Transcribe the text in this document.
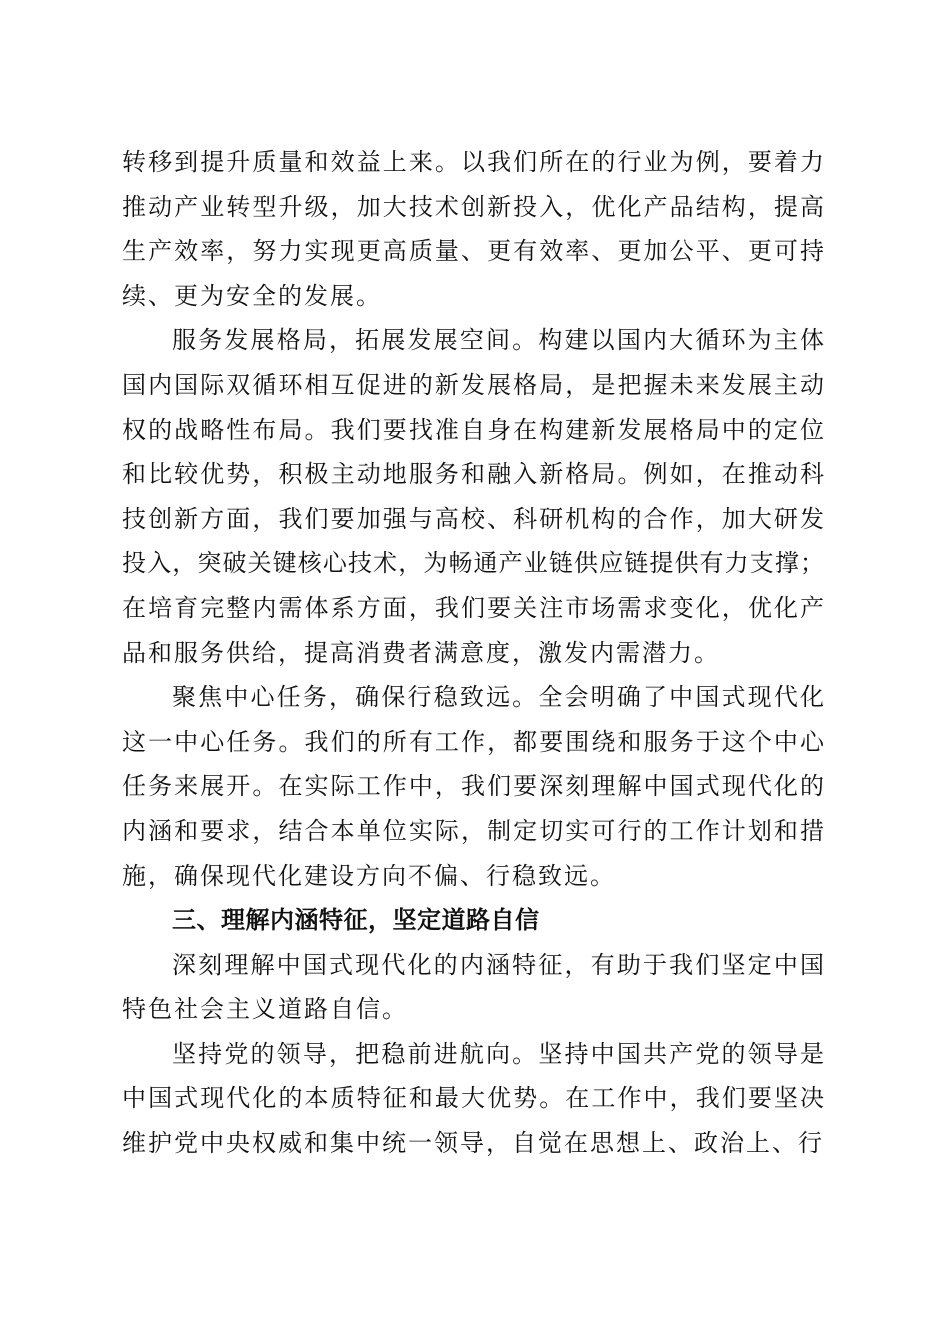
转移到提升质量和效益上来。以我们所在的行业为例，要着力
推动产业转型升级，加大技术创新投入，优化产品结构，提高
生产效率，努力实现更高质量、更有效率、更加公平、更可持
续、更为安全的发展。
服务发展格局，拓展发展空间。构建以国内大循环为主体
国内国际双循环相互促进的新发展格局，是把握未来发展主动
权的战略性布局。我们要找准自身在构建新发展格局中的定位
和比较优势，积极主动地服务和融入新格局。例如，在推动科
技创新方面，我们要加强与高校、科研机构的合作，加大研发
投入，突破关键核心技术，为畅通产业链供应链提供有力支撑；
在培育完整内需体系方面，我们要关注市场需求变化，优化产
品和服务供给，提高消费者满意度，激发内需潜力。
聚焦中心任务，确保行稳致远。全会明确了中国式现代化
这一中心任务。我们的所有工作，都要围绕和服务于这个中心
任务来展开。在实际工作中，我们要深刻理解中国式现代化的
内涵和要求，结合本单位实际，制定切实可行的工作计划和措
施，确保现代化建设方向不偏、行稳致远。
三、理解内涵特征，坚定道路自信
深刻理解中国式现代化的内涵特征，有助于我们坚定中国
特色社会主义道路自信。
坚持党的领导，把稳前进航向。坚持中国共产党的领导是
中国式现代化的本质特征和最大优势。在工作中，我们要坚决
维护党中央权威和集中统一领导，自觉在思想上、政治上、行
